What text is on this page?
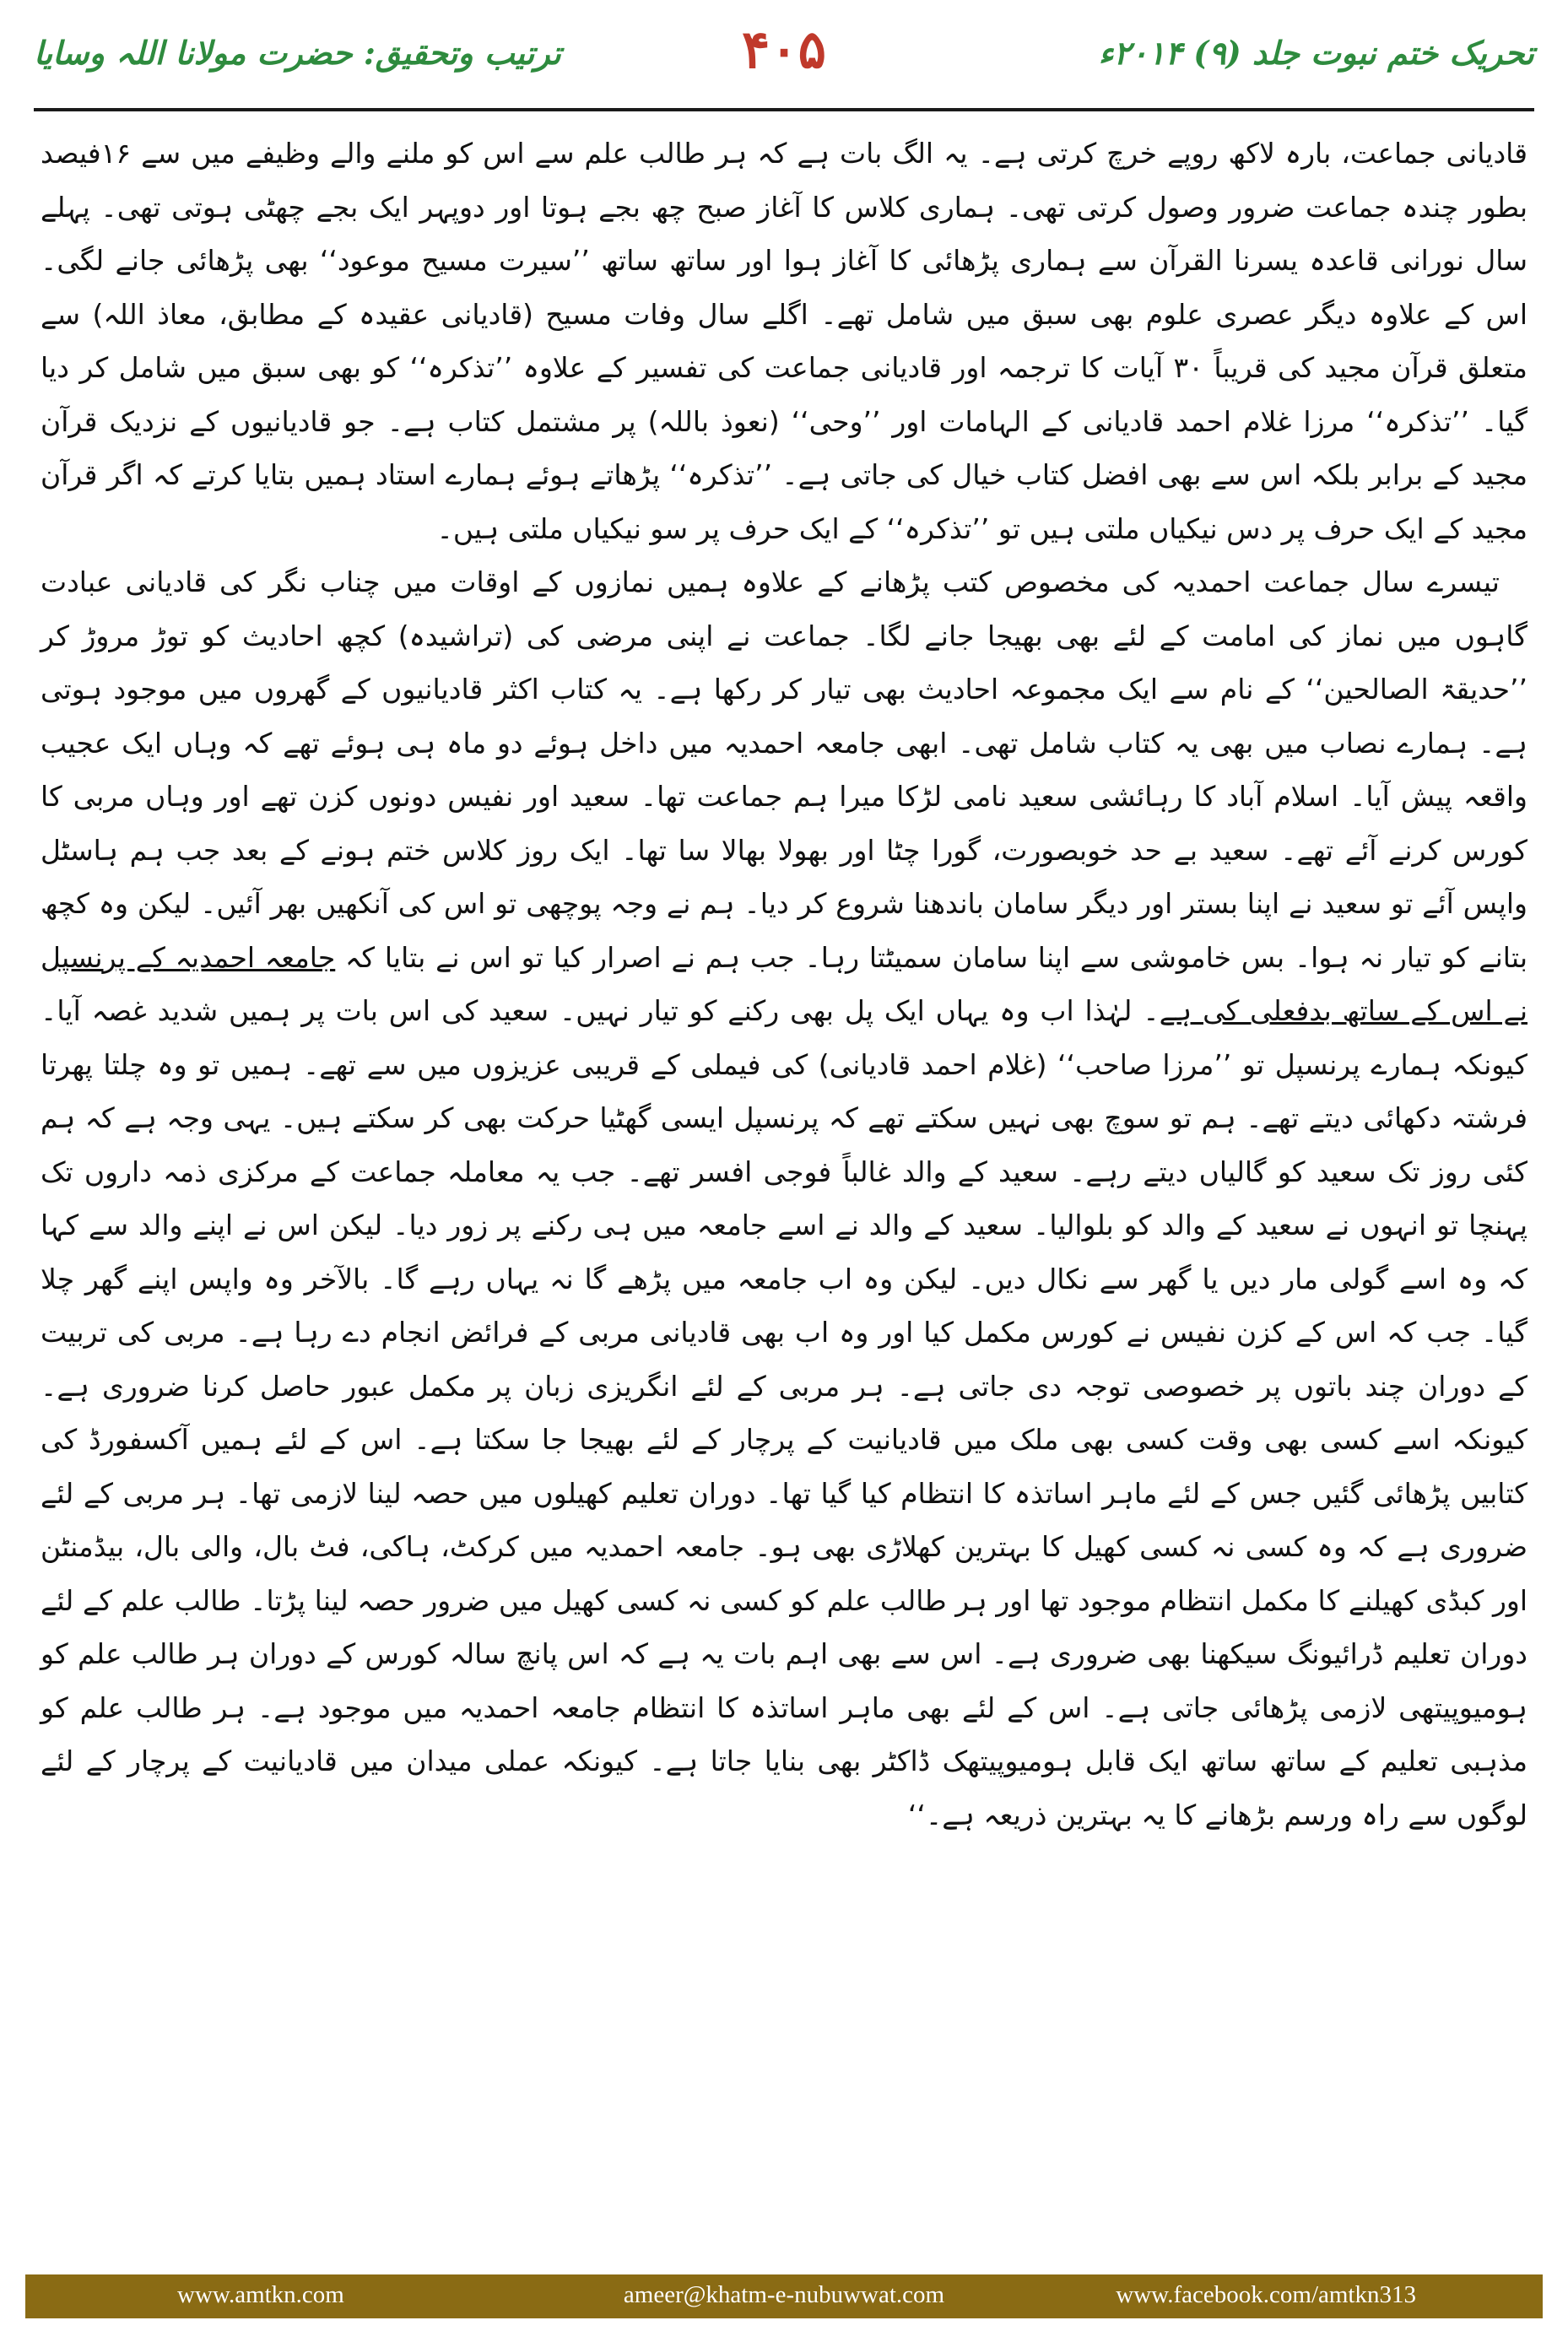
تحریک ختم نبوت جلد (۹) ۲۰۱۴ء
۴۰۵
ترتیب وتحقیق: حضرت مولانا اللہ وسایا

قادیانی جماعت، بارہ لاکھ روپے خرچ کرتی ہے۔ یہ الگ بات ہے کہ ہر طالب علم سے اس کو ملنے والے وظیفے میں سے ۱۶فیصد بطور چندہ جماعت ضرور وصول کرتی تھی۔ ہماری کلاس کا آغاز صبح چھ بجے ہوتا اور دوپہر ایک بجے چھٹی ہوتی تھی۔ پہلے سال نورانی قاعدہ یسرنا القرآن سے ہماری پڑھائی کا آغاز ہوا اور ساتھ ساتھ ’’سیرت مسیح موعود‘‘ بھی پڑھائی جانے لگی۔ اس کے علاوہ دیگر عصری علوم بھی سبق میں شامل تھے۔ اگلے سال وفات مسیح (قادیانی عقیدہ کے مطابق، معاذ اللہ) سے متعلق قرآن مجید کی قریباً ۳۰ آیات کا ترجمہ اور قادیانی جماعت کی تفسیر کے علاوہ ’’تذکرہ‘‘ کو بھی سبق میں شامل کر دیا گیا۔ ’’تذکرہ‘‘ مرزا غلام احمد قادیانی کے الہامات اور ’’وحی‘‘ (نعوذ باللہ) پر مشتمل کتاب ہے۔ جو قادیانیوں کے نزدیک قرآن مجید کے برابر بلکہ اس سے بھی افضل کتاب خیال کی جاتی ہے۔ ’’تذکرہ‘‘ پڑھاتے ہوئے ہمارے استاد ہمیں بتایا کرتے کہ اگر قرآن مجید کے ایک حرف پر دس نیکیاں ملتی ہیں تو ’’تذکرہ‘‘ کے ایک حرف پر سو نیکیاں ملتی ہیں۔

 تیسرے سال جماعت احمدیہ کی مخصوص کتب پڑھانے کے علاوہ ہمیں نمازوں کے اوقات میں چناب نگر کی قادیانی عبادت گاہوں میں نماز کی امامت کے لئے بھی بھیجا جانے لگا۔ جماعت نے اپنی مرضی کی (تراشیدہ) کچھ احادیث کو توڑ مروڑ کر ’’حدیقۃ الصالحین‘‘ کے نام سے ایک مجموعہ احادیث بھی تیار کر رکھا ہے۔ یہ کتاب اکثر قادیانیوں کے گھروں میں موجود ہوتی ہے۔ ہمارے نصاب میں بھی یہ کتاب شامل تھی۔ ابھی جامعہ احمدیہ میں داخل ہوئے دو ماہ ہی ہوئے تھے کہ وہاں ایک عجیب واقعہ پیش آیا۔ اسلام آباد کا رہائشی سعید نامی لڑکا میرا ہم جماعت تھا۔ سعید اور نفیس دونوں کزن تھے اور وہاں مربی کا کورس کرنے آئے تھے۔ سعید بے حد خوبصورت، گورا چٹا اور بھولا بھالا سا تھا۔ ایک روز کلاس ختم ہونے کے بعد جب ہم ہاسٹل واپس آئے تو سعید نے اپنا بستر اور دیگر سامان باندھنا شروع کر دیا۔ ہم نے وجہ پوچھی تو اس کی آنکھیں بھر آئیں۔ لیکن وہ کچھ بتانے کو تیار نہ ہوا۔ بس خاموشی سے اپنا سامان سمیٹتا رہا۔ جب ہم نے اصرار کیا تو اس نے بتایا کہ جامعہ احمدیہ کے پرنسپل نے اس کے ساتھ بدفعلی کی ہے۔ لہٰذا اب وہ یہاں ایک پل بھی رکنے کو تیار نہیں۔ سعید کی اس بات پر ہمیں شدید غصہ آیا۔ کیونکہ ہمارے پرنسپل تو ’’مرزا صاحب‘‘ (غلام احمد قادیانی) کی فیملی کے قریبی عزیزوں میں سے تھے۔ ہمیں تو وہ چلتا پھرتا فرشتہ دکھائی دیتے تھے۔ ہم تو سوچ بھی نہیں سکتے تھے کہ پرنسپل ایسی گھٹیا حرکت بھی کر سکتے ہیں۔ یہی وجہ ہے کہ ہم کئی روز تک سعید کو گالیاں دیتے رہے۔ سعید کے والد غالباً فوجی افسر تھے۔ جب یہ معاملہ جماعت کے مرکزی ذمہ داروں تک پہنچا تو انہوں نے سعید کے والد کو بلوالیا۔ سعید کے والد نے اسے جامعہ میں ہی رکنے پر زور دیا۔ لیکن اس نے اپنے والد سے کہا کہ وہ اسے گولی مار دیں یا گھر سے نکال دیں۔ لیکن وہ اب جامعہ میں پڑھے گا نہ یہاں رہے گا۔ بالآخر وہ واپس اپنے گھر چلا گیا۔ جب کہ اس کے کزن نفیس نے کورس مکمل کیا اور وہ اب بھی قادیانی مربی کے فرائض انجام دے رہا ہے۔ مربی کی تربیت کے دوران چند باتوں پر خصوصی توجہ دی جاتی ہے۔ ہر مربی کے لئے انگریزی زبان پر مکمل عبور حاصل کرنا ضروری ہے۔ کیونکہ اسے کسی بھی وقت کسی بھی ملک میں قادیانیت کے پرچار کے لئے بھیجا جا سکتا ہے۔ اس کے لئے ہمیں آکسفورڈ کی کتابیں پڑھائی گئیں جس کے لئے ماہر اساتذہ کا انتظام کیا گیا تھا۔ دوران تعلیم کھیلوں میں حصہ لینا لازمی تھا۔ ہر مربی کے لئے ضروری ہے کہ وہ کسی نہ کسی کھیل کا بہترین کھلاڑی بھی ہو۔ جامعہ احمدیہ میں کرکٹ، ہاکی، فٹ بال، والی بال، بیڈمنٹن اور کبڈی کھیلنے کا مکمل انتظام موجود تھا اور ہر طالب علم کو کسی نہ کسی کھیل میں ضرور حصہ لینا پڑتا۔ طالب علم کے لئے دوران تعلیم ڈرائیونگ سیکھنا بھی ضروری ہے۔ اس سے بھی اہم بات یہ ہے کہ اس پانچ سالہ کورس کے دوران ہر طالب علم کو ہومیوپیتھی لازمی پڑھائی جاتی ہے۔ اس کے لئے بھی ماہر اساتذہ کا انتظام جامعہ احمدیہ میں موجود ہے۔ ہر طالب علم کو مذہبی تعلیم کے ساتھ ساتھ ایک قابل ہومیوپیتھک ڈاکٹر بھی بنایا جاتا ہے۔ کیونکہ عملی میدان میں قادیانیت کے پرچار کے لئے لوگوں سے راہ ورسم بڑھانے کا یہ بہترین ذریعہ ہے۔‘‘

www.amtkn.com	ameer@khatm-e-nubuwwat.com	www.facebook.com/amtkn313
